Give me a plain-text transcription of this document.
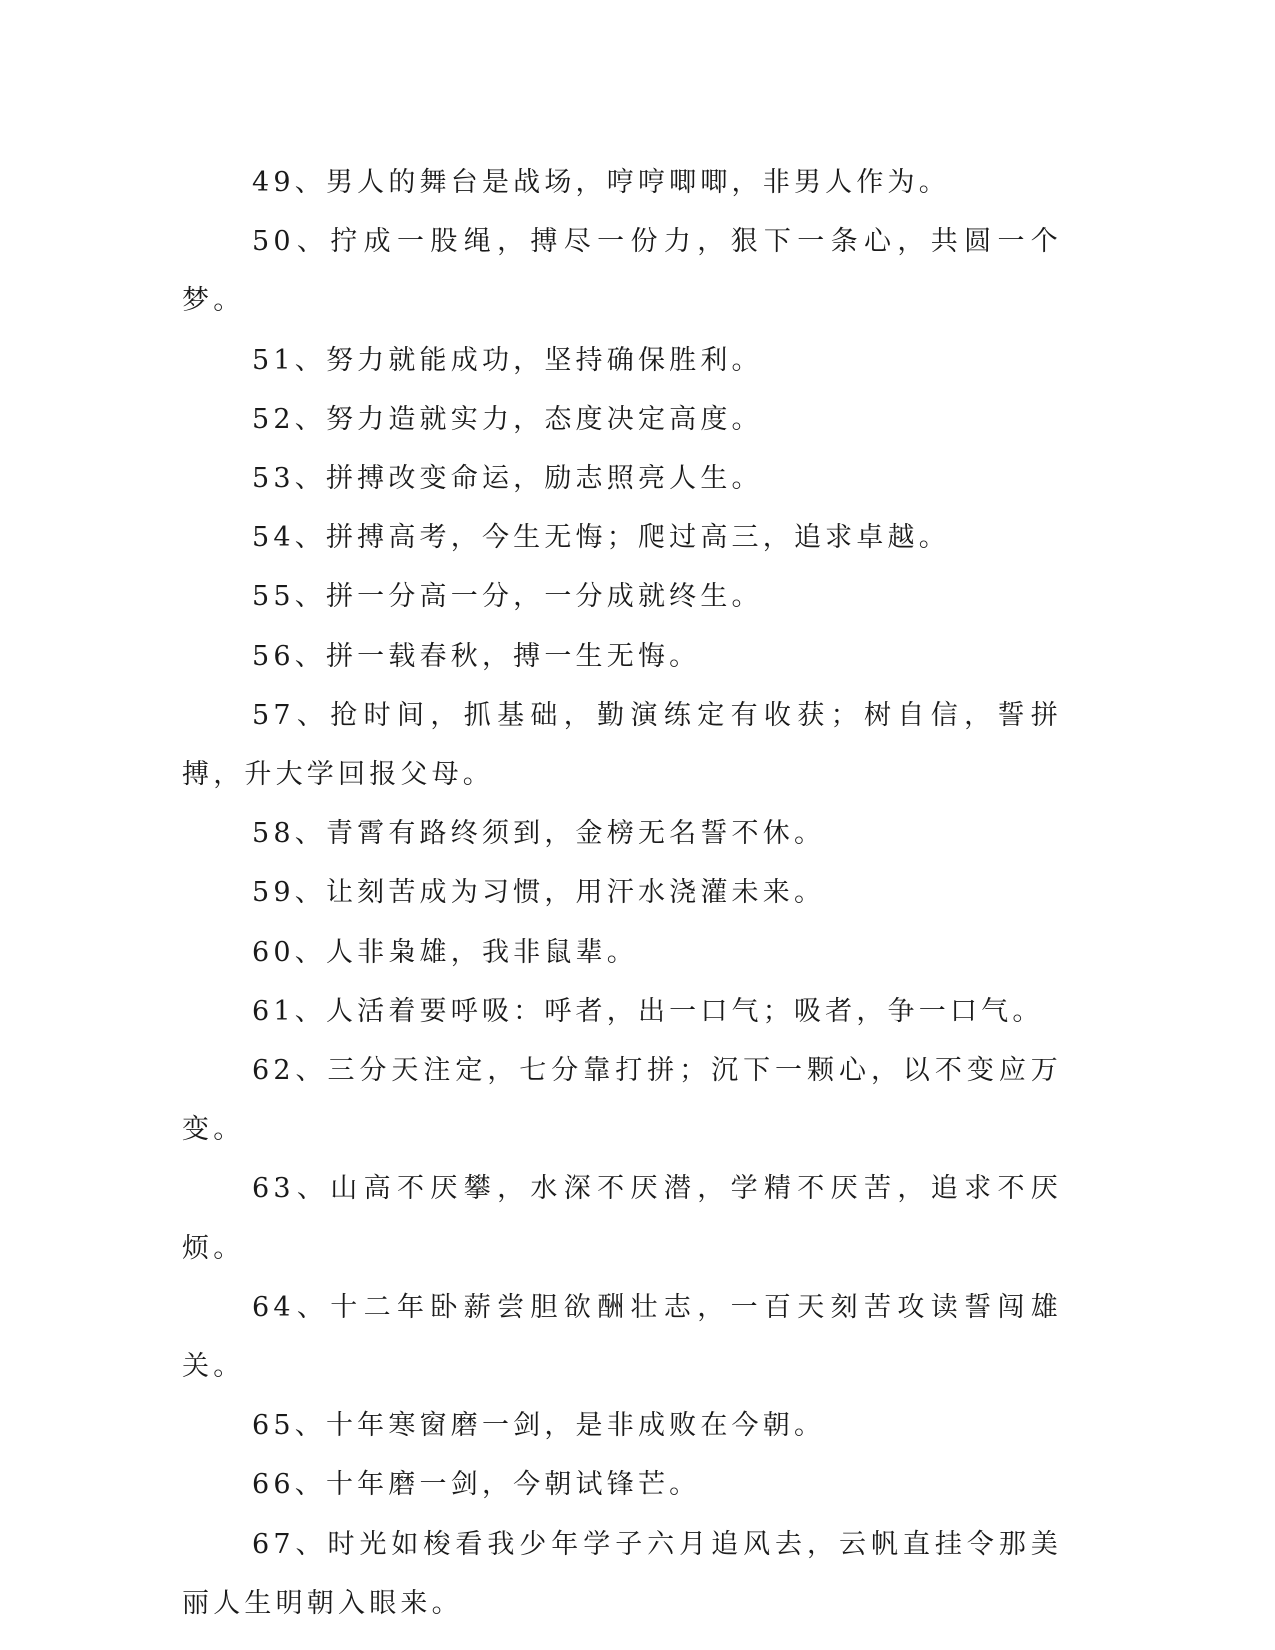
49、男人的舞台是战场，哼哼唧唧，非男人作为。

50、拧成一股绳，搏尽一份力，狠下一条心，共圆一个梦。

51、努力就能成功，坚持确保胜利。

52、努力造就实力，态度决定高度。

53、拼搏改变命运，励志照亮人生。

54、拼搏高考，今生无悔；爬过高三，追求卓越。

55、拼一分高一分，一分成就终生。

56、拼一载春秋，搏一生无悔。

57、抢时间，抓基础，勤演练定有收获；树自信，誓拼搏，升大学回报父母。

58、青霄有路终须到，金榜无名誓不休。

59、让刻苦成为习惯，用汗水浇灌未来。

60、人非枭雄，我非鼠辈。

61、人活着要呼吸：呼者，出一口气；吸者，争一口气。

62、三分天注定，七分靠打拼；沉下一颗心，以不变应万变。

63、山高不厌攀，水深不厌潜，学精不厌苦，追求不厌烦。

64、十二年卧薪尝胆欲酬壮志，一百天刻苦攻读誓闯雄关。

65、十年寒窗磨一剑，是非成败在今朝。

66、十年磨一剑，今朝试锋芒。

67、时光如梭看我少年学子六月追风去，云帆直挂令那美丽人生明朝入眼来。
